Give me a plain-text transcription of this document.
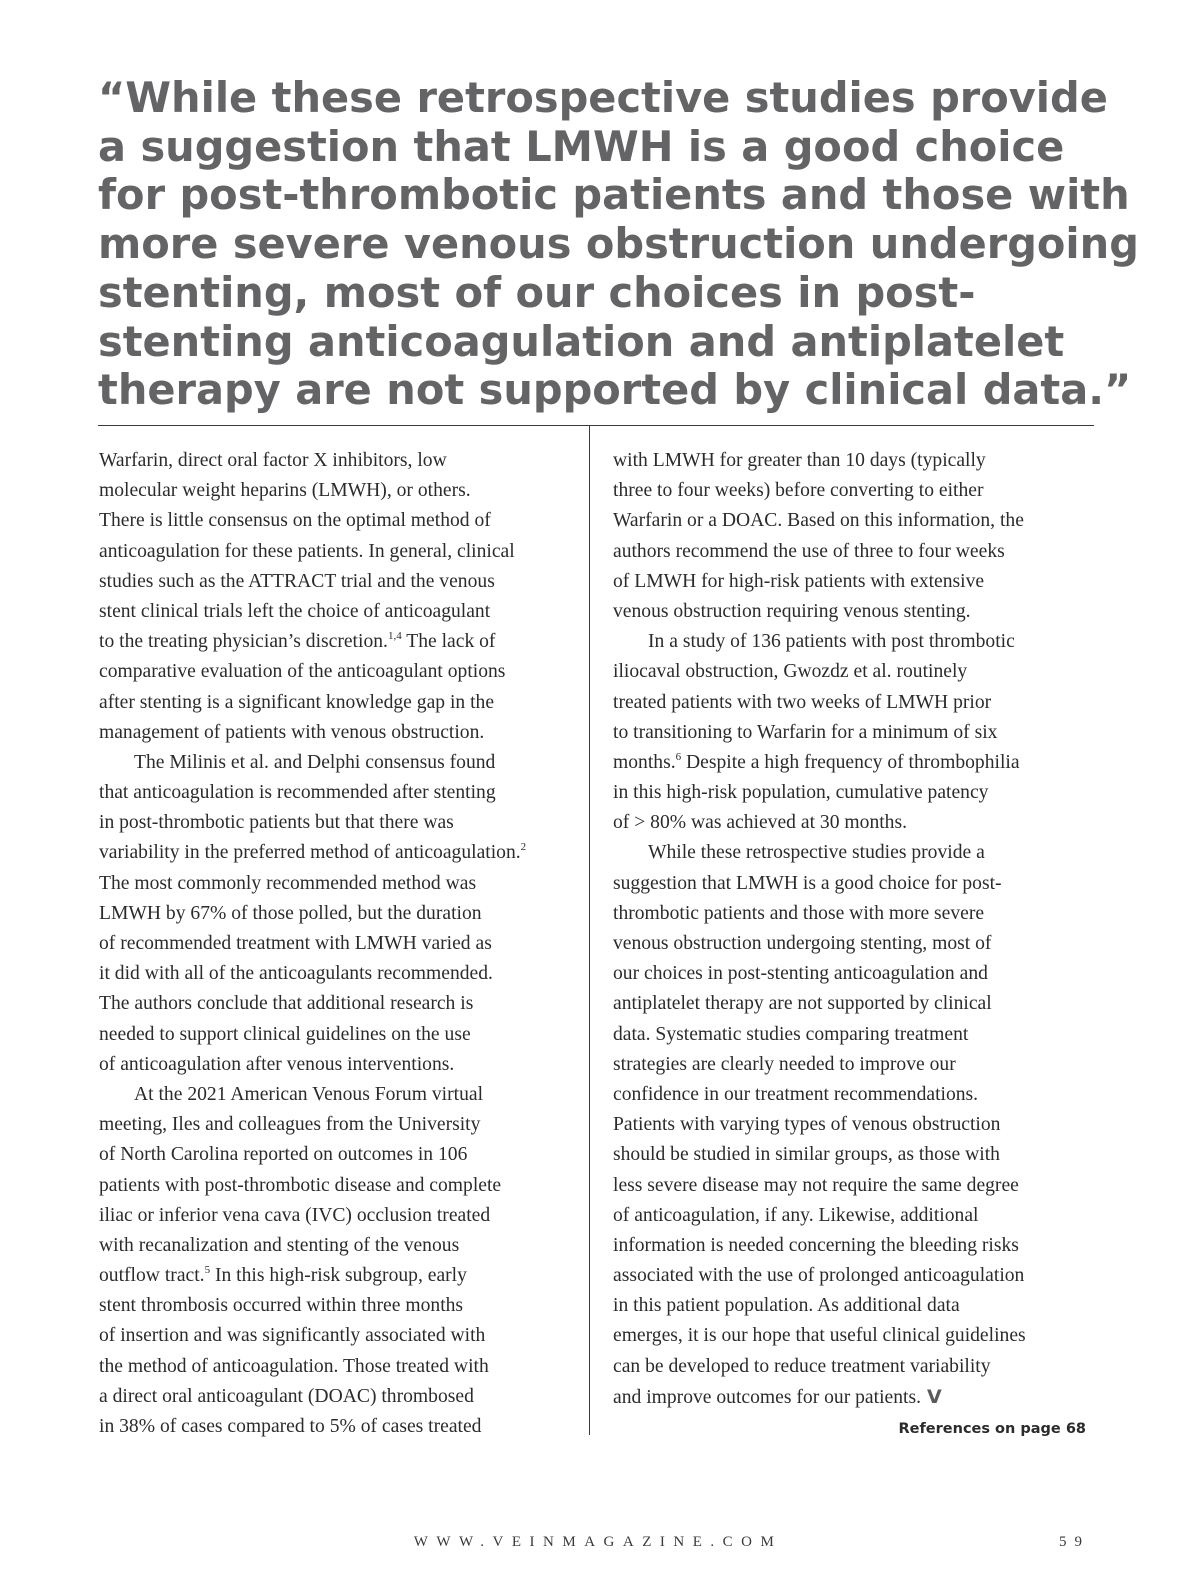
“While these retrospective studies provide
a suggestion that LMWH is a good choice
for post-thrombotic patients and those with
more severe venous obstruction undergoing
stenting, most of our choices in post-
stenting anticoagulation and antiplatelet
therapy are not supported by clinical data.”
Warfarin, direct oral factor X inhibitors, low
molecular weight heparins (LMWH), or others.
There is little consensus on the optimal method of
anticoagulation for these patients. In general, clinical
studies such as the ATTRACT trial and the venous
stent clinical trials left the choice of anticoagulant
to the treating physician’s discretion.$^{1,4}$ The lack of
comparative evaluation of the anticoagulant options
after stenting is a significant knowledge gap in the
management of patients with venous obstruction.
The Milinis et al. and Delphi consensus found
that anticoagulation is recommended after stenting
in post-thrombotic patients but that there was
variability in the preferred method of anticoagulation.$^2$
The most commonly recommended method was
LMWH by 67% of those polled, but the duration
of recommended treatment with LMWH varied as
it did with all of the anticoagulants recommended.
The authors conclude that additional research is
needed to support clinical guidelines on the use
of anticoagulation after venous interventions.
At the 2021 American Venous Forum virtual
meeting, Iles and colleagues from the University
of North Carolina reported on outcomes in 106
patients with post-thrombotic disease and complete
iliac or inferior vena cava (IVC) occlusion treated
with recanalization and stenting of the venous
outflow tract.$^5$ In this high-risk subgroup, early
stent thrombosis occurred within three months
of insertion and was significantly associated with
the method of anticoagulation. Those treated with
a direct oral anticoagulant (DOAC) thrombosed
in 38% of cases compared to 5% of cases treated
with LMWH for greater than 10 days (typically
three to four weeks) before converting to either
Warfarin or a DOAC. Based on this information, the
authors recommend the use of three to four weeks
of LMWH for high-risk patients with extensive
venous obstruction requiring venous stenting.
In a study of 136 patients with post thrombotic
iliocaval obstruction, Gwozdz et al. routinely
treated patients with two weeks of LMWH prior
to transitioning to Warfarin for a minimum of six
months.$^6$ Despite a high frequency of thrombophilia
in this high-risk population, cumulative patency
of > 80% was achieved at 30 months.
While these retrospective studies provide a
suggestion that LMWH is a good choice for post-
thrombotic patients and those with more severe
venous obstruction undergoing stenting, most of
our choices in post-stenting anticoagulation and
antiplatelet therapy are not supported by clinical
data. Systematic studies comparing treatment
strategies are clearly needed to improve our
confidence in our treatment recommendations.
Patients with varying types of venous obstruction
should be studied in similar groups, as those with
less severe disease may not require the same degree
of anticoagulation, if any. Likewise, additional
information is needed concerning the bleeding risks
associated with the use of prolonged anticoagulation
in this patient population. As additional data
emerges, it is our hope that useful clinical guidelines
can be developed to reduce treatment variability
and improve outcomes for our patients. V
References on page 68
WWW.VEINMAGAZINE.COM	59
